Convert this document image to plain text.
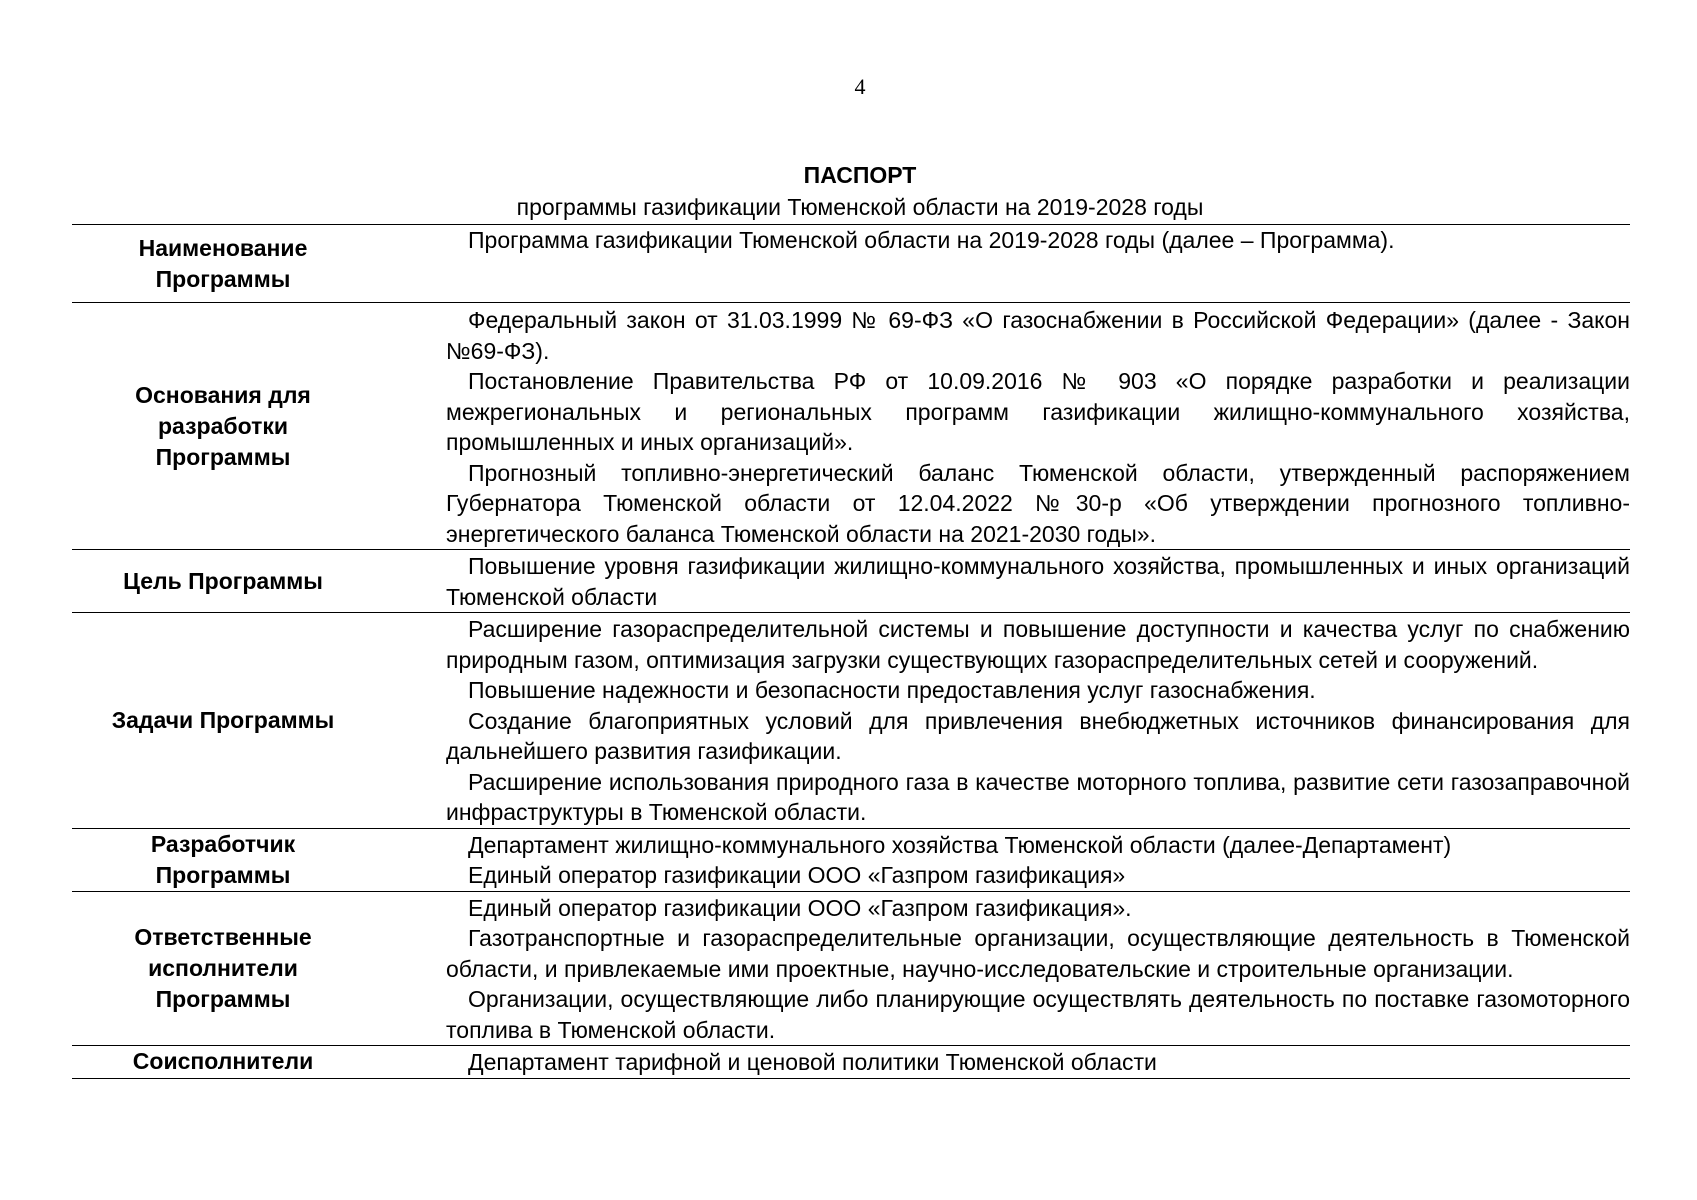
4
ПАСПОРТ
программы газификации Тюменской области на 2019-2028 годы
Наименование Программы

Программа газификации Тюменской области на 2019-2028 годы (далее – Программа).

Основания для разработки Программы

Федеральный закон от 31.03.1999 № 69-ФЗ «О газоснабжении в Российской Федерации» (далее - Закон №69-ФЗ).

Постановление Правительства РФ от 10.09.2016 № 903 «О порядке разработки и реализации межрегиональных и региональных программ газификации жилищно-коммунального хозяйства, промышленных и иных организаций».

Прогнозный топливно-энергетический баланс Тюменской области, утвержденный распоряжением Губернатора Тюменской области от 12.04.2022 №30-р «Об утверждении прогнозного топливно-энергетического баланса Тюменской области на 2021-2030 годы».

Цель Программы

Повышение уровня газификации жилищно-коммунального хозяйства, промышленных и иных организаций Тюменской области

Задачи Программы

Расширение газораспределительной системы и повышение доступности и качества услуг по снабжению природным газом, оптимизация загрузки существующих газораспределительных сетей и сооружений.

Повышение надежности и безопасности предоставления услуг газоснабжения.

Создание благоприятных условий для привлечения внебюджетных источников финансирования для дальнейшего развития газификации.

Расширение использования природного газа в качестве моторного топлива, развитие сети газозаправочной инфраструктуры в Тюменской области.

Разработчик Программы

Департамент жилищно-коммунального хозяйства Тюменской области (далее-Департамент)

Единый оператор газификации ООО «Газпром газификация»

Ответственные исполнители Программы

Единый оператор газификации ООО «Газпром газификация».

Газотранспортные и газораспределительные организации, осуществляющие деятельность в Тюменской области, и привлекаемые ими проектные, научно-исследовательские и строительные организации.

Организации, осуществляющие либо планирующие осуществлять деятельность по поставке газомоторного топлива в Тюменской области.

Соисполнители	Департамент тарифной и ценовой политики Тюменской области
